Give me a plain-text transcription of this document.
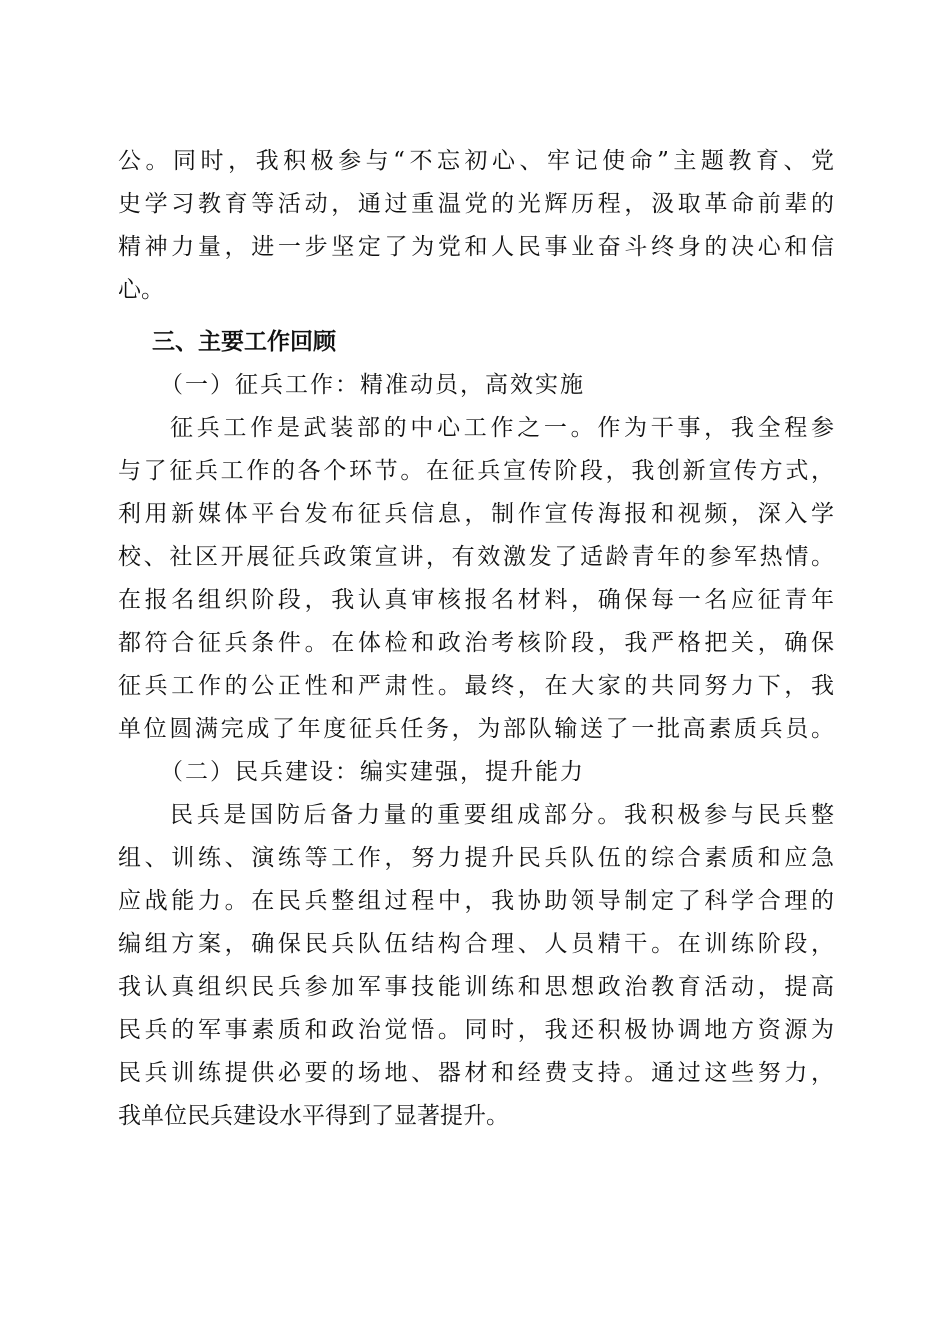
公。同时，我积极参与“不忘初心、牢记使命”主题教育、党
史学习教育等活动，通过重温党的光辉历程，汲取革命前辈的
精神力量，进一步坚定了为党和人民事业奋斗终身的决心和信
心。
三、主要工作回顾
（一）征兵工作：精准动员，高效实施
征兵工作是武装部的中心工作之一。作为干事，我全程参
与了征兵工作的各个环节。在征兵宣传阶段，我创新宣传方式，
利用新媒体平台发布征兵信息，制作宣传海报和视频，深入学
校、社区开展征兵政策宣讲，有效激发了适龄青年的参军热情。
在报名组织阶段，我认真审核报名材料，确保每一名应征青年
都符合征兵条件。在体检和政治考核阶段，我严格把关，确保
征兵工作的公正性和严肃性。最终，在大家的共同努力下，我
单位圆满完成了年度征兵任务，为部队输送了一批高素质兵员。
（二）民兵建设：编实建强，提升能力
民兵是国防后备力量的重要组成部分。我积极参与民兵整
组、训练、演练等工作，努力提升民兵队伍的综合素质和应急
应战能力。在民兵整组过程中，我协助领导制定了科学合理的
编组方案，确保民兵队伍结构合理、人员精干。在训练阶段，
我认真组织民兵参加军事技能训练和思想政治教育活动，提高
民兵的军事素质和政治觉悟。同时，我还积极协调地方资源为
民兵训练提供必要的场地、器材和经费支持。通过这些努力，
我单位民兵建设水平得到了显著提升。
